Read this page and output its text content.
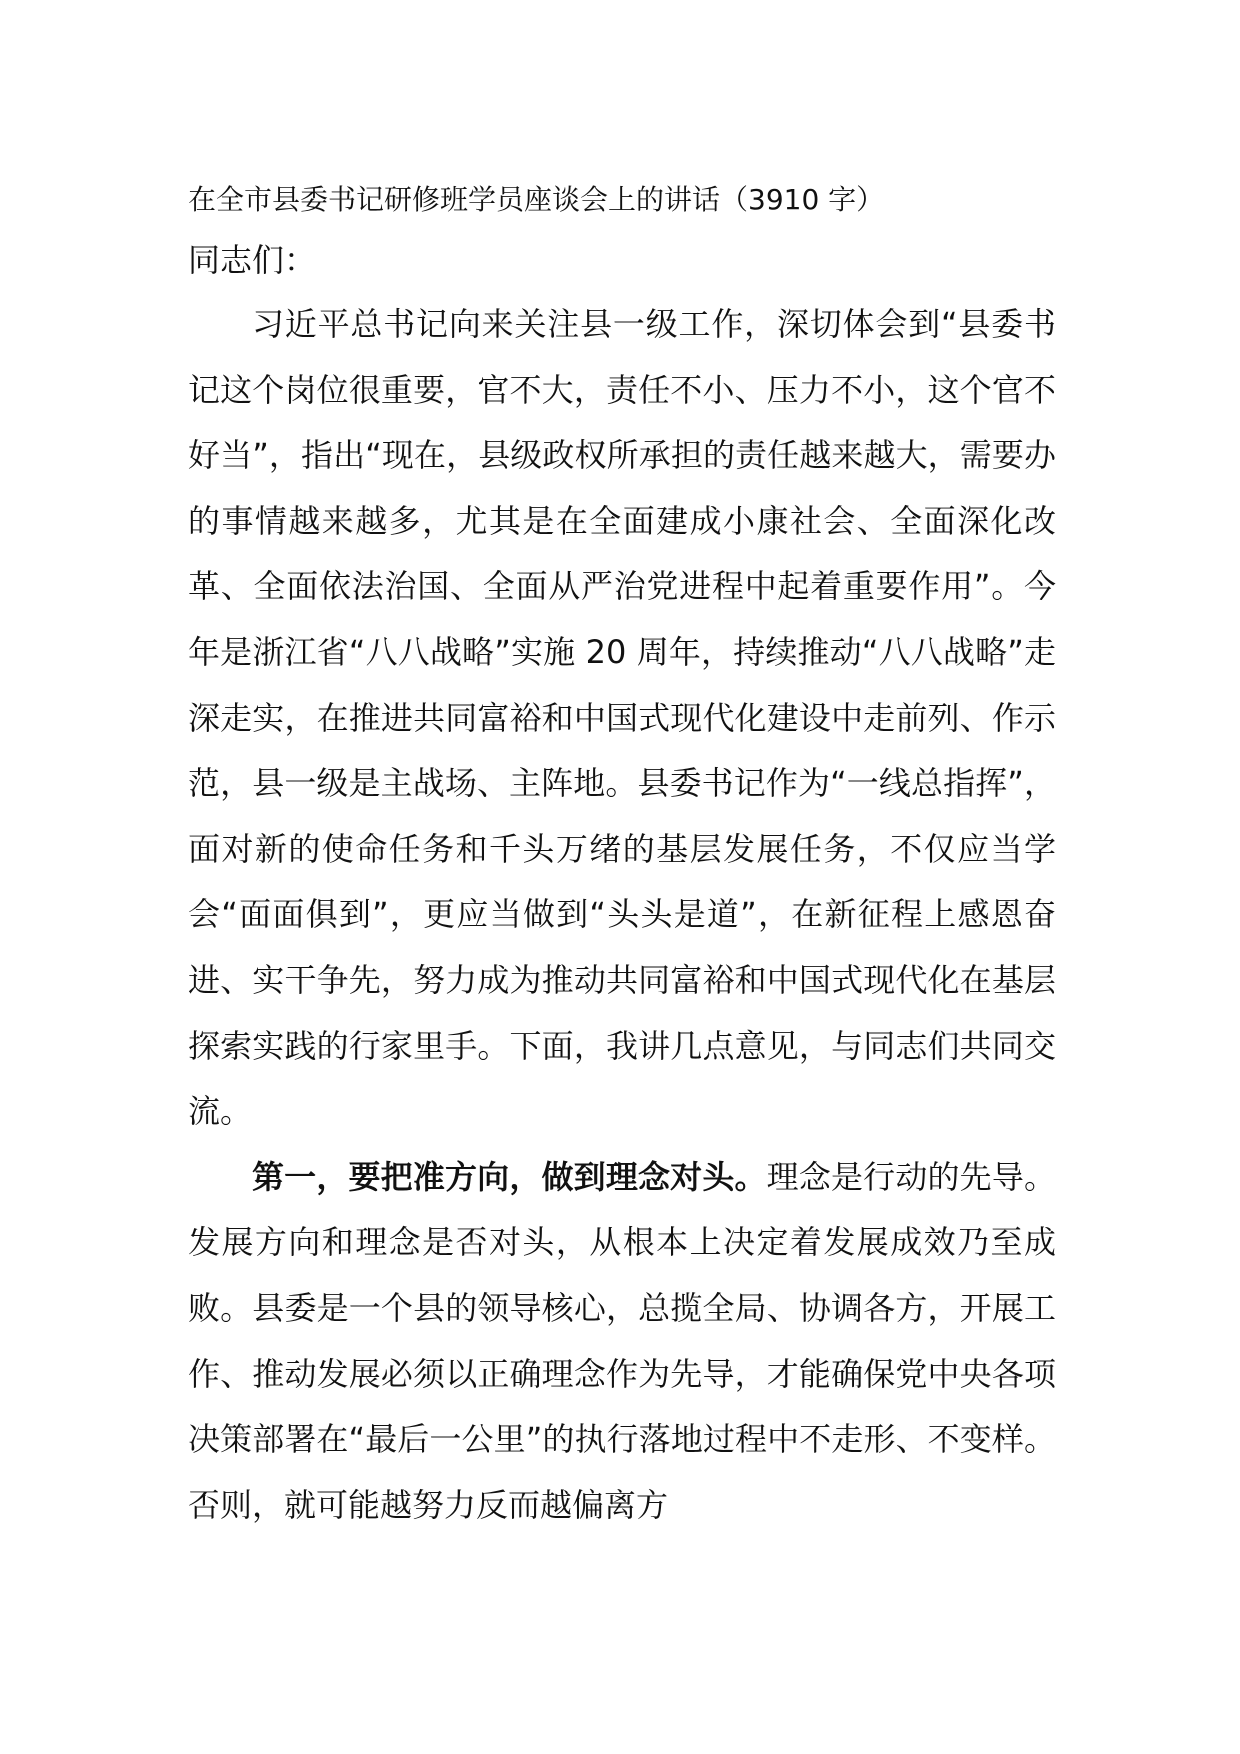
在全市县委书记研修班学员座谈会上的讲话（3910 字）
同志们：

习近平总书记向来关注县一级工作，深切体会到“县委书记这个岗位很重要，官不大，责任不小、压力不小，这个官不好当”，指出“现在，县级政权所承担的责任越来越大，需要办的事情越来越多，尤其是在全面建成小康社会、全面深化改革、全面依法治国、全面从严治党进程中起着重要作用”。今年是浙江省“八八战略”实施 20 周年，持续推动“八八战略”走深走实，在推进共同富裕和中国式现代化建设中走前列、作示范，县一级是主战场、主阵地。县委书记作为“一线总指挥”，面对新的使命任务和千头万绪的基层发展任务，不仅应当学会“面面俱到”，更应当做到“头头是道”，在新征程上感恩奋进、实干争先，努力成为推动共同富裕和中国式现代化在基层探索实践的行家里手。下面，我讲几点意见，与同志们共同交流。

第一，要把准方向，做到理念对头。理念是行动的先导。发展方向和理念是否对头，从根本上决定着发展成效乃至成败。县委是一个县的领导核心，总揽全局、协调各方，开展工作、推动发展必须以正确理念作为先导，才能确保党中央各项决策部署在“最后一公里”的执行落地过程中不走形、不变样。否则，就可能越努力反而越偏离方
